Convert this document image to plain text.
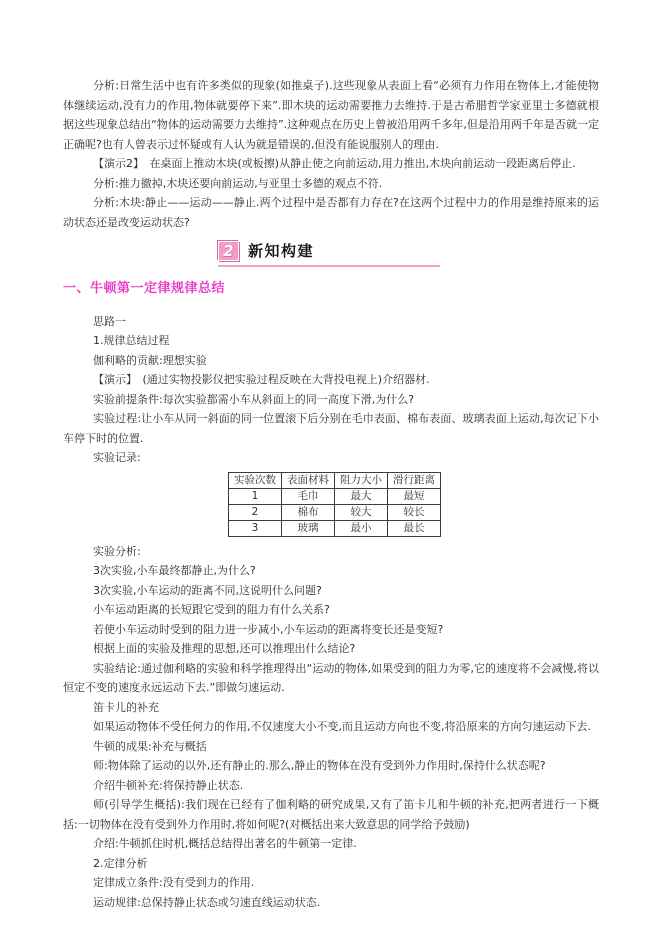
分析:日常生活中也有许多类似的现象(如推桌子).这些现象从表面上看“必须有力作用在物体上,才能使物体继续运动,没有力的作用,物体就要停下来”.即木块的运动需要推力去维持.于是古希腊哲学家亚里士多德就根据这些现象总结出“物体的运动需要力去维持”.这种观点在历史上曾被沿用两千多年,但是沿用两千年是否就一定正确呢?也有人曾表示过怀疑或有人认为就是错误的,但没有能说服别人的理由.

【演示2】　在桌面上推动木块(或板擦)从静止使之向前运动,用力推出,木块向前运动一段距离后停止.

分析:推力撤掉,木块还要向前运动,与亚里士多德的观点不符.

分析:木块:静止——运动——静止.两个过程中是否都有力存在?在这两个过程中力的作用是维持原来的运动状态还是改变运动状态?

2 新知构建
一、牛顿第一定律规律总结

思路一

1.规律总结过程

伽利略的贡献:理想实验

【演示】　(通过实物投影仪把实验过程反映在大背投电视上)介绍器材.

实验前提条件:每次实验都需小车从斜面上的同一高度下滑,为什么?

实验过程:让小车从同一斜面的同一位置滚下后分别在毛巾表面、棉布表面、玻璃表面上运动,每次记下小车停下时的位置.

实验记录:

实验次数	表面材料	阻力大小	滑行距离
1	毛巾	最大	最短
2	棉布	较大	较长
3	玻璃	最小	最长

实验分析:

3次实验,小车最终都静止,为什么?

3次实验,小车运动的距离不同,这说明什么问题?

小车运动距离的长短跟它受到的阻力有什么关系?

若使小车运动时受到的阻力进一步减小,小车运动的距离将变长还是变短?

根据上面的实验及推理的思想,还可以推理出什么结论?

实验结论:通过伽利略的实验和科学推理得出“运动的物体,如果受到的阻力为零,它的速度将不会减慢,将以恒定不变的速度永远运动下去.”即做匀速运动.

笛卡儿的补充

如果运动物体不受任何力的作用,不仅速度大小不变,而且运动方向也不变,将沿原来的方向匀速运动下去.

牛顿的成果:补充与概括

师:物体除了运动的以外,还有静止的.那么,静止的物体在没有受到外力作用时,保持什么状态呢?

介绍牛顿补充:将保持静止状态.

师(引导学生概括):我们现在已经有了伽利略的研究成果,又有了笛卡儿和牛顿的补充,把两者进行一下概括:一切物体在没有受到外力作用时,将如何呢?(对概括出来大致意思的同学给予鼓励)

介绍:牛顿抓住时机,概括总结得出著名的牛顿第一定律.

2.定律分析

定律成立条件:没有受到力的作用.

运动规律:总保持静止状态或匀速直线运动状态.
